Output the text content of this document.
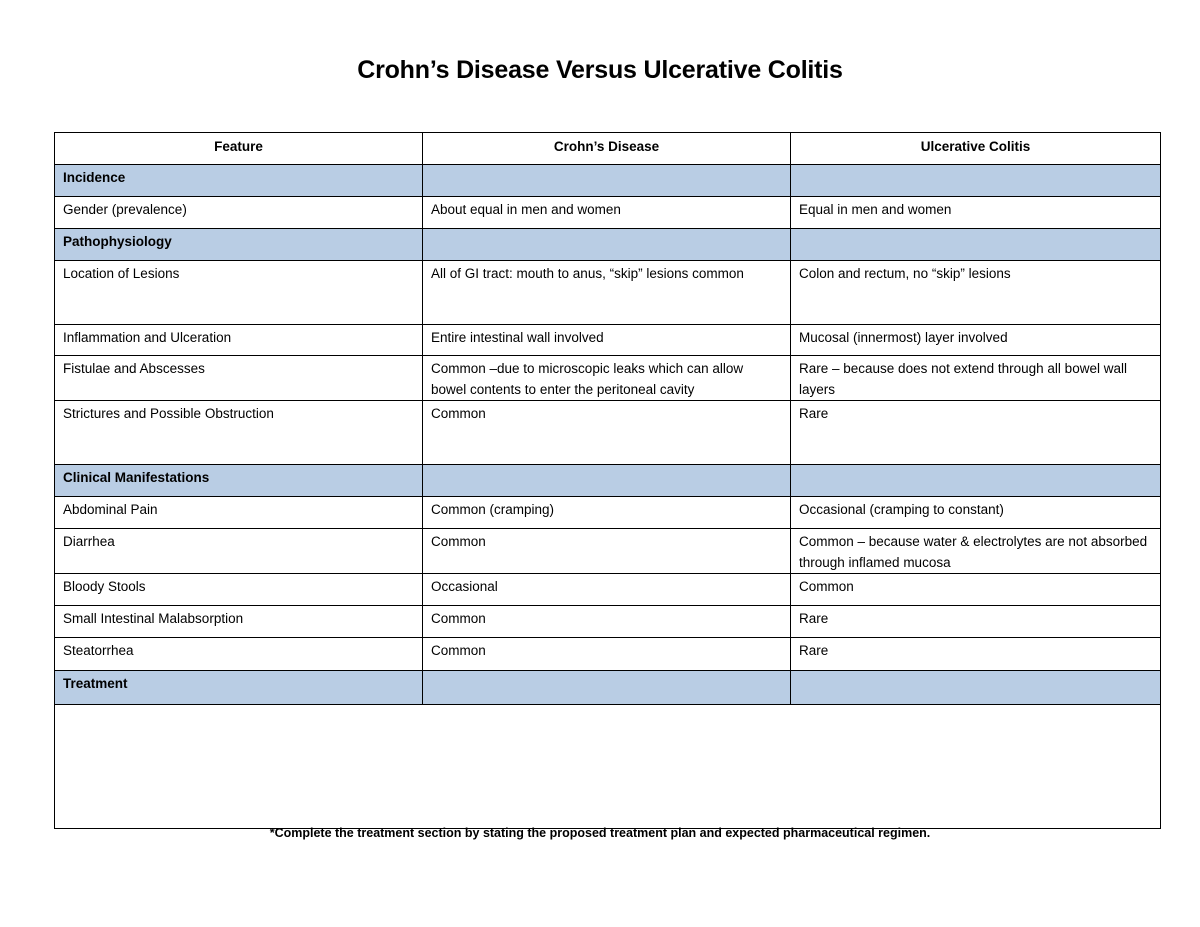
Crohn’s Disease Versus Ulcerative Colitis
Feature	Crohn’s Disease	Ulcerative Colitis
Incidence		
Gender (prevalence)	About equal in men and women	Equal in men and women
Pathophysiology		
Location of Lesions	All of GI tract: mouth to anus, “skip” lesions common	Colon and rectum, no “skip” lesions
Inflammation and Ulceration	Entire intestinal wall involved	Mucosal (innermost) layer involved
Fistulae and Abscesses	Common –due to microscopic leaks which can allow bowel contents to enter the peritoneal cavity	Rare – because does not extend through all bowel wall layers
Strictures and Possible Obstruction	Common	Rare
Clinical Manifestations		
Abdominal Pain	Common (cramping)	Occasional (cramping to constant)
Diarrhea	Common	Common – because water & electrolytes are not absorbed through inflamed mucosa
Bloody Stools	Occasional	Common
Small Intestinal Malabsorption	Common	Rare
Steatorrhea	Common	Rare
Treatment		

*Complete the treatment section by stating the proposed treatment plan and expected pharmaceutical regimen.
